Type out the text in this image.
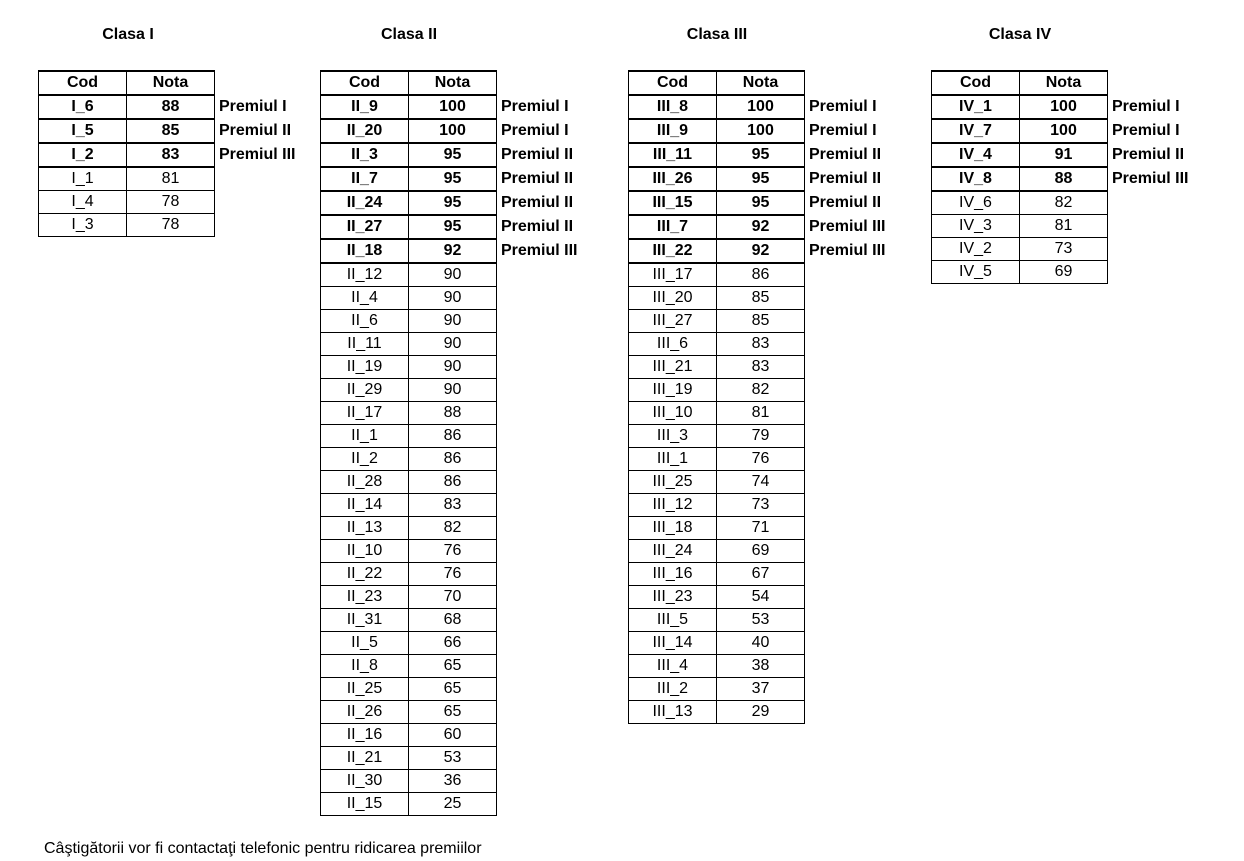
Clasa I	Clasa II	Clasa III	Clasa IV
Cod	Nota	
I_6	88	Premiul I
I_5	85	Premiul II
I_2	83	Premiul III
I_1	81	
I_4	78	
I_3	78	
Cod	Nota	
II_9	100	Premiul I
II_20	100	Premiul I
II_3	95	Premiul II
II_7	95	Premiul II
II_24	95	Premiul II
II_27	95	Premiul II
II_18	92	Premiul III
II_12	90	
II_4	90	
II_6	90	
II_11	90	
II_19	90	
II_29	90	
II_17	88	
II_1	86	
II_2	86	
II_28	86	
II_14	83	
II_13	82	
II_10	76	
II_22	76	
II_23	70	
II_31	68	
II_5	66	
II_8	65	
II_25	65	
II_26	65	
II_16	60	
II_21	53	
II_30	36	
II_15	25	
Cod	Nota	
III_8	100	Premiul I
III_9	100	Premiul I
III_11	95	Premiul II
III_26	95	Premiul II
III_15	95	Premiul II
III_7	92	Premiul III
III_22	92	Premiul III
III_17	86	
III_20	85	
III_27	85	
III_6	83	
III_21	83	
III_19	82	
III_10	81	
III_3	79	
III_1	76	
III_25	74	
III_12	73	
III_18	71	
III_24	69	
III_16	67	
III_23	54	
III_5	53	
III_14	40	
III_4	38	
III_2	37	
III_13	29	
Cod	Nota	
IV_1	100	Premiul I
IV_7	100	Premiul I
IV_4	91	Premiul II
IV_8	88	Premiul III
IV_6	82	
IV_3	81	
IV_2	73	
IV_5	69	
Câştigătorii vor fi contactaţi telefonic pentru ridicarea premiilor
